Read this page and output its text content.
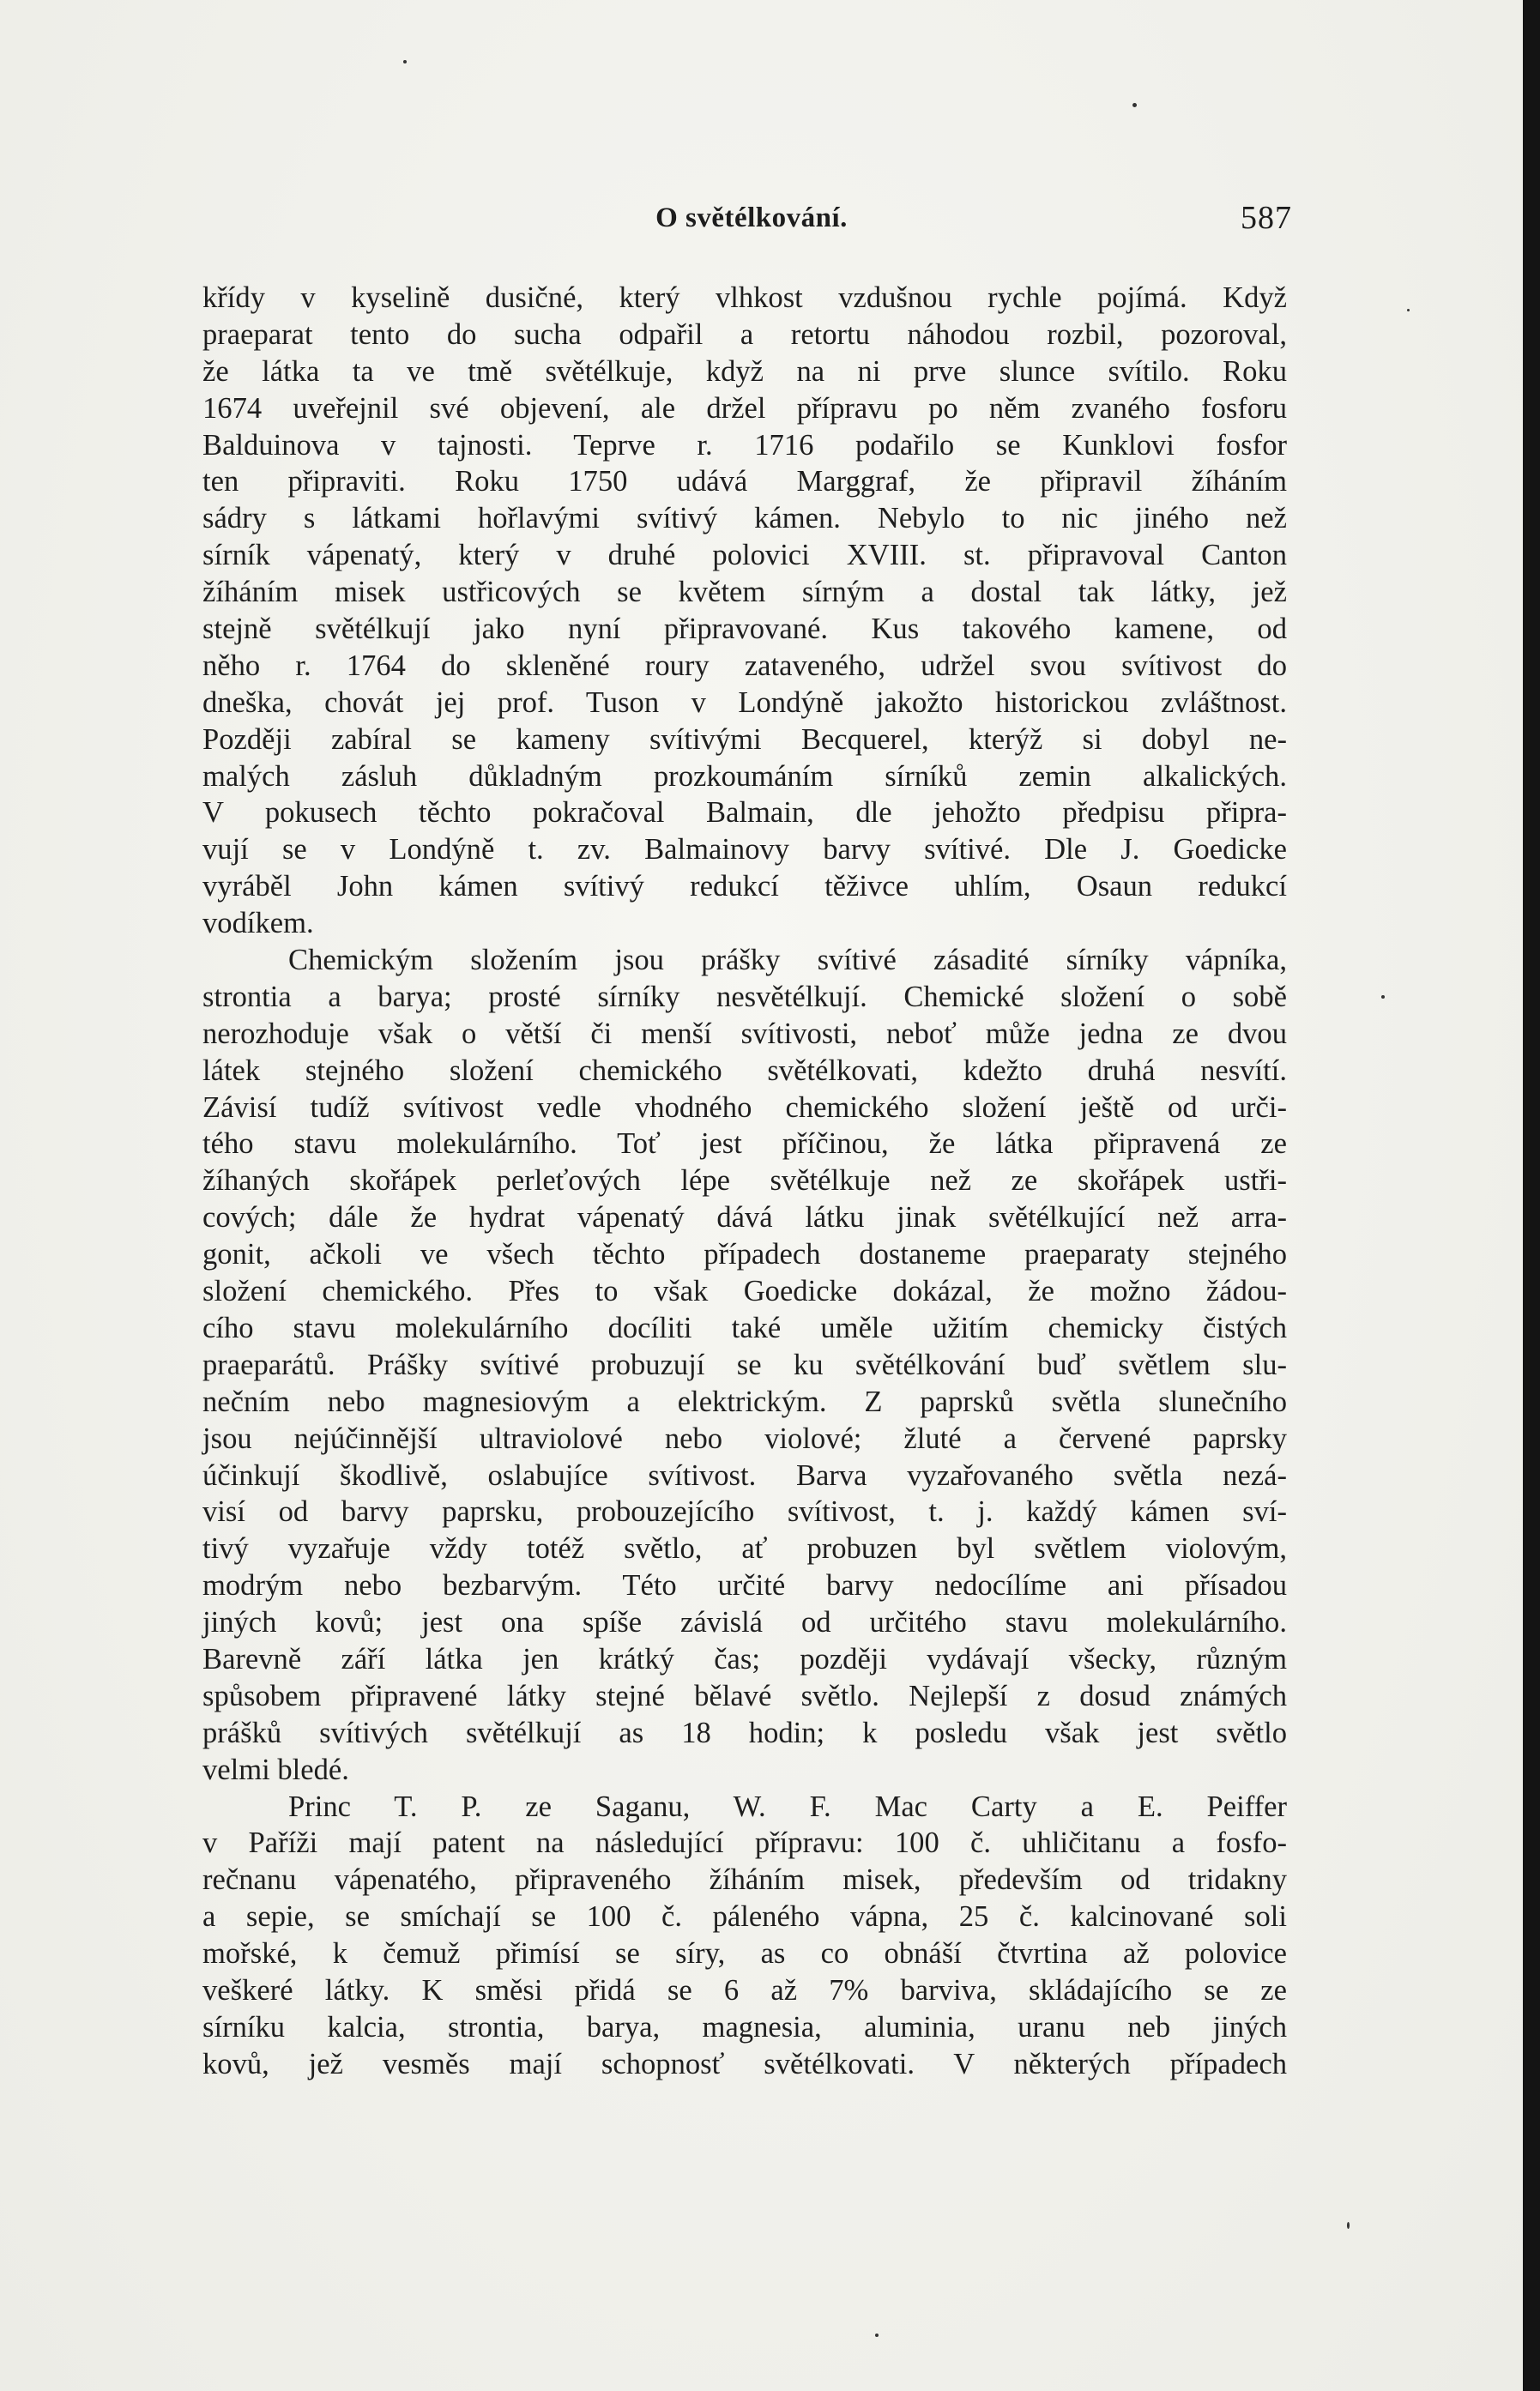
O světélkování.	587
křídy v kyselině dusičné, který vlhkost vzdušnou rychle pojímá. Když
praeparat tento do sucha odpařil a retortu náhodou rozbil, pozoroval,
že látka ta ve tmě světélkuje, když na ni prve slunce svítilo. Roku
1674 uveřejnil své objevení, ale držel přípravu po něm zvaného fosforu
Balduinova v tajnosti. Teprve r. 1716 podařilo se Kunklovi fosfor
ten připraviti. Roku 1750 udává Marggraf, že připravil žíháním
sádry s látkami hořlavými svítivý kámen. Nebylo to nic jiného než
sírník vápenatý, který v druhé polovici XVIII. st. připravoval Canton
žíháním misek ustřicových se květem sírným a dostal tak látky, jež
stejně světélkují jako nyní připravované. Kus takového kamene, od
něho r. 1764 do skleněné roury zataveného, udržel svou svítivost do
dneška, chovát jej prof. Tuson v Londýně jakožto historickou zvláštnost.
Později zabíral se kameny svítivými Becquerel, kterýž si dobyl ne-
malých zásluh důkladným prozkoumáním sírníků zemin alkalických.
V pokusech těchto pokračoval Balmain, dle jehožto předpisu připra-
vují se v Londýně t. zv. Balmainovy barvy svítivé. Dle J. Goedicke
vyráběl John kámen svítivý redukcí těživce uhlím, Osaun redukcí
vodíkem.
Chemickým složením jsou prášky svítivé zásadité sírníky vápníka,
strontia a baryа; prosté sírníky nesvětélkují. Chemické složení o sobě
nerozhoduje však o větší či menší svítivosti, neboť může jedna ze dvou
látek stejného složení chemického světélkovati, kdežto druhá nesvítí.
Závisí tudíž svítivost vedle vhodného chemického složení ještě od urči-
tého stavu molekulárního. Toť jest příčinou, že látka připravená ze
žíhaných skořápek perleťových lépe světélkuje než ze skořápek ustři-
cových; dále že hydrat vápenatý dává látku jinak světélkující než arra-
gonit, ačkoli ve všech těchto případech dostaneme praeparaty stejného
složení chemického. Přes to však Goedicke dokázal, že možno žádou-
cího stavu molekulárního docíliti také uměle užitím chemicky čistých
praeparátů. Prášky svítivé probuzují se ku světélkování buď světlem slu-
nečním nebo magnesiovým a elektrickým. Z paprsků světla slunečního
jsou nejúčinnější ultraviolové nebo violové; žluté a červené paprsky
účinkují škodlivě, oslabujíce svítivost. Barva vyzařovaného světla nezá-
visí od barvy paprsku, probouzejícího svítivost, t. j. každý kámen sví-
tivý vyzařuje vždy totéž světlo, ať probuzen byl světlem violovým,
modrým nebo bezbarvým. Této určité barvy nedocílíme ani přísadou
jiných kovů; jest ona spíše závislá od určitého stavu molekulárního.
Barevně září látka jen krátký čas; později vydávají všecky, různým
spůsobem připravené látky stejné bělavé světlo. Nejlepší z dosud známých
prášků svítivých světélkují as 18 hodin; k posledu však jest světlo
velmi bledé.
Princ T. P. ze Saganu, W. F. Mac Carty a E. Peiffer
v Paříži mají patent na následující přípravu: 100 č. uhličitanu a fosfo-
rečnanu vápenatého, připraveného žíháním misek, především od tridakny
a sepie, se smíchají se 100 č. páleného vápna, 25 č. kalcinované soli
mořské, k čemuž přimísí se síry, as co obnáší čtvrtina až polovice
veškeré látky. K směsi přidá se 6 až 7% barviva, skládajícího se ze
sírníku kalcia, strontia, baryа, magnesia, aluminia, uranu neb jiných
kovů, jež vesměs mají schopnosť světélkovati. V některých případech
